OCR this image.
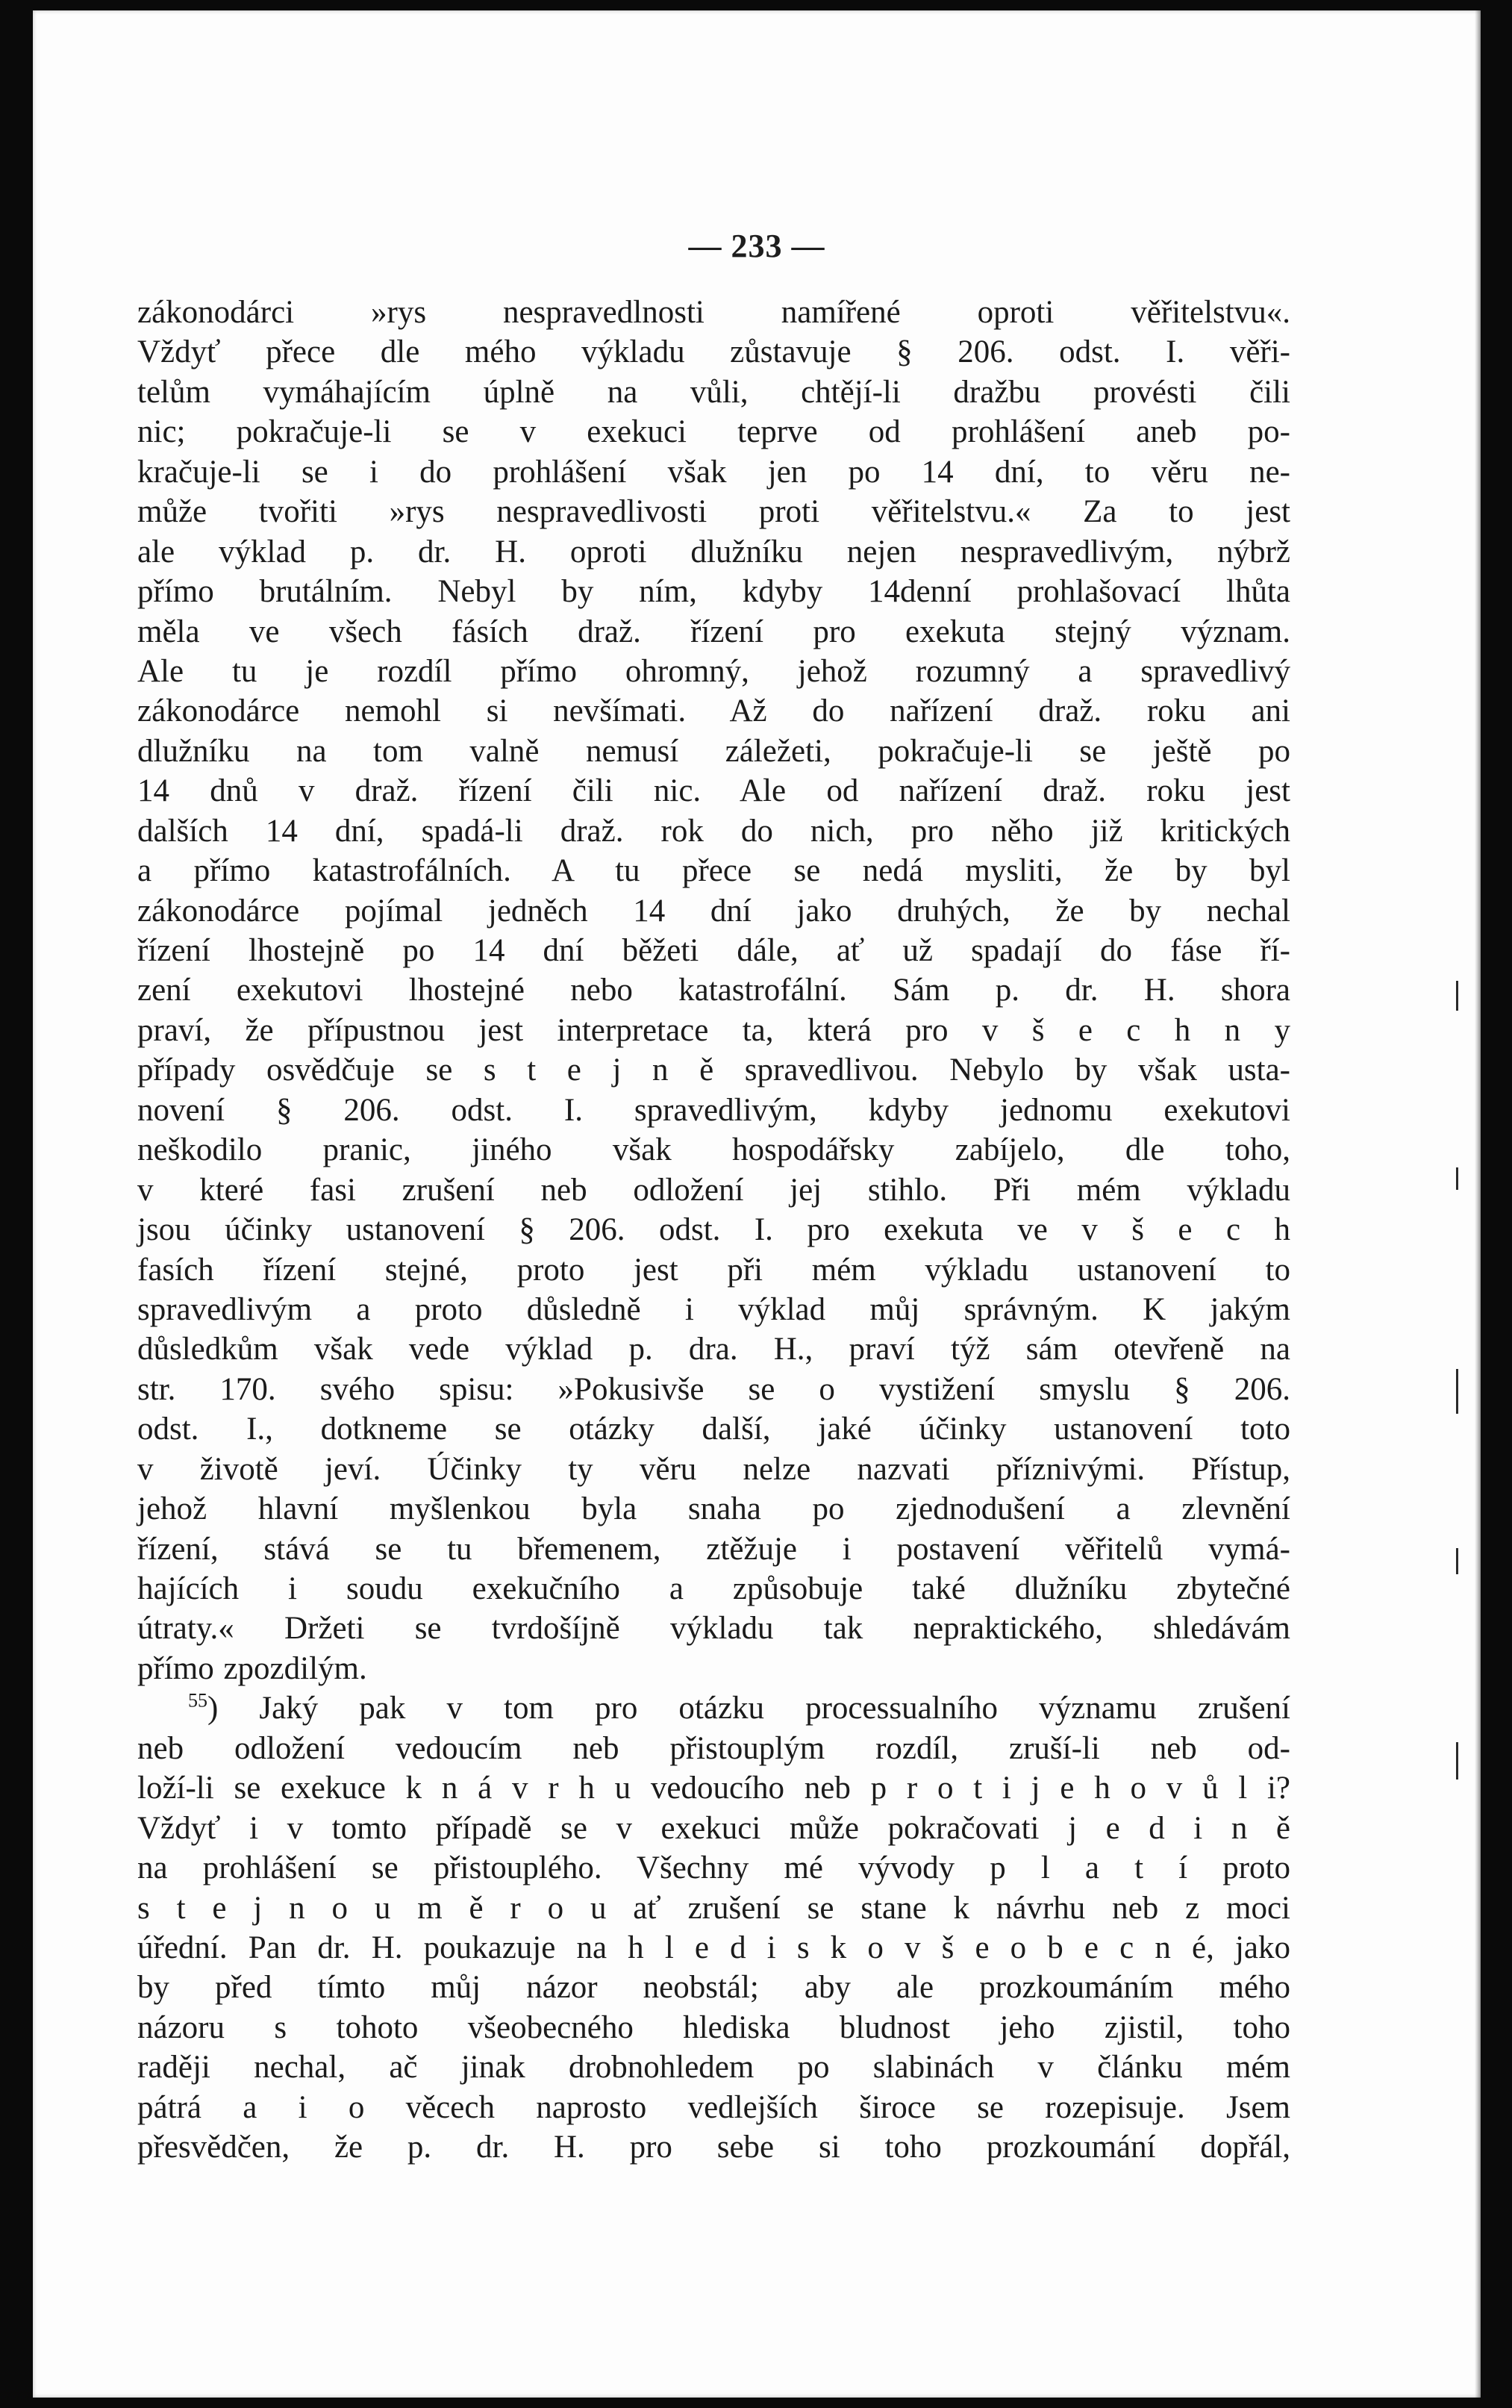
— 233 —
zákonodárci »rys nespravedlnosti namířené oproti věřitelstvu«.
Vždyť přece dle mého výkladu zůstavuje § 206. odst. I. věři-
telům vymáhajícím úplně na vůli, chtějí-li dražbu provésti čili
nic; pokračuje-li se v exekuci teprve od prohlášení aneb po-
kračuje-li se i do prohlášení však jen po 14 dní, to věru ne-
může tvořiti »rys nespravedlivosti proti věřitelstvu.« Za to jest
ale výklad p. dr. H. oproti dlužníku nejen nespravedlivým, nýbrž
přímo brutálním. Nebyl by ním, kdyby 14denní prohlašovací lhůta
měla ve všech fásích draž. řízení pro exekuta stejný význam.
Ale tu je rozdíl přímo ohromný, jehož rozumný a spravedlivý
zákonodárce nemohl si nevšímati. Až do nařízení draž. roku ani
dlužníku na tom valně nemusí záležeti, pokračuje-li se ještě po
14 dnů v draž. řízení čili nic. Ale od nařízení draž. roku jest
dalších 14 dní, spadá-li draž. rok do nich, pro něho již kritických
a přímo katastrofálních. A tu přece se nedá mysliti, že by byl
zákonodárce pojímal jedněch 14 dní jako druhých, že by nechal
řízení lhostejně po 14 dní běžeti dále, ať už spadají do fáse ří-
zení exekutovi lhostejné nebo katastrofální. Sám p. dr. H. shora
praví, že přípustnou jest interpretace ta, která pro v š e c h n y
případy osvědčuje se s t e j n ě spravedlivou. Nebylo by však usta-
novení § 206. odst. I. spravedlivým, kdyby jednomu exekutovi
neškodilo pranic, jiného však hospodářsky zabíjelo, dle toho,
v které fasi zrušení neb odložení jej stihlo. Při mém výkladu
jsou účinky ustanovení § 206. odst. I. pro exekuta ve v š e c h
fasích řízení stejné, proto jest při mém výkladu ustanovení to
spravedlivým a proto důsledně i výklad můj správným. K jakým
důsledkům však vede výklad p. dra. H., praví týž sám otevřeně na
str. 170. svého spisu: »Pokusivše se o vystižení smyslu § 206.
odst. I., dotkneme se otázky další, jaké účinky ustanovení toto
v životě jeví. Účinky ty věru nelze nazvati příznivými. Přístup,
jehož hlavní myšlenkou byla snaha po zjednodušení a zlevnění
řízení, stává se tu břemenem, ztěžuje i postavení věřitelů vymá-
hajících i soudu exekučního a způsobuje také dlužníku zbytečné
útraty.« Držeti se tvrdošíjně výkladu tak nepraktického, shledávám
přímo zpozdilým.
$^{55}$) Jaký pak v tom pro otázku processualního významu zrušení
neb odložení vedoucím neb přistouplým rozdíl, zruší-li neb od-
loží-li se exekuce k n á v r h u vedoucího neb p r o t i j e h o v ů l i?
Vždyť i v tomto případě se v exekuci může pokračovati j e d i n ě
na prohlášení se přistouplého. Všechny mé vývody p l a t í proto
s t e j n o u m ě r o u ať zrušení se stane k návrhu neb z moci
úřední. Pan dr. H. poukazuje na h l e d i s k o v š e o b e c n é, jako
by před tímto můj názor neobstál; aby ale prozkoumáním mého
názoru s tohoto všeobecného hlediska bludnost jeho zjistil, toho
raději nechal, ač jinak drobnohledem po slabinách v článku mém
pátrá a i o věcech naprosto vedlejších široce se rozepisuje. Jsem
přesvědčen, že p. dr. H. pro sebe si toho prozkoumání dopřál,
